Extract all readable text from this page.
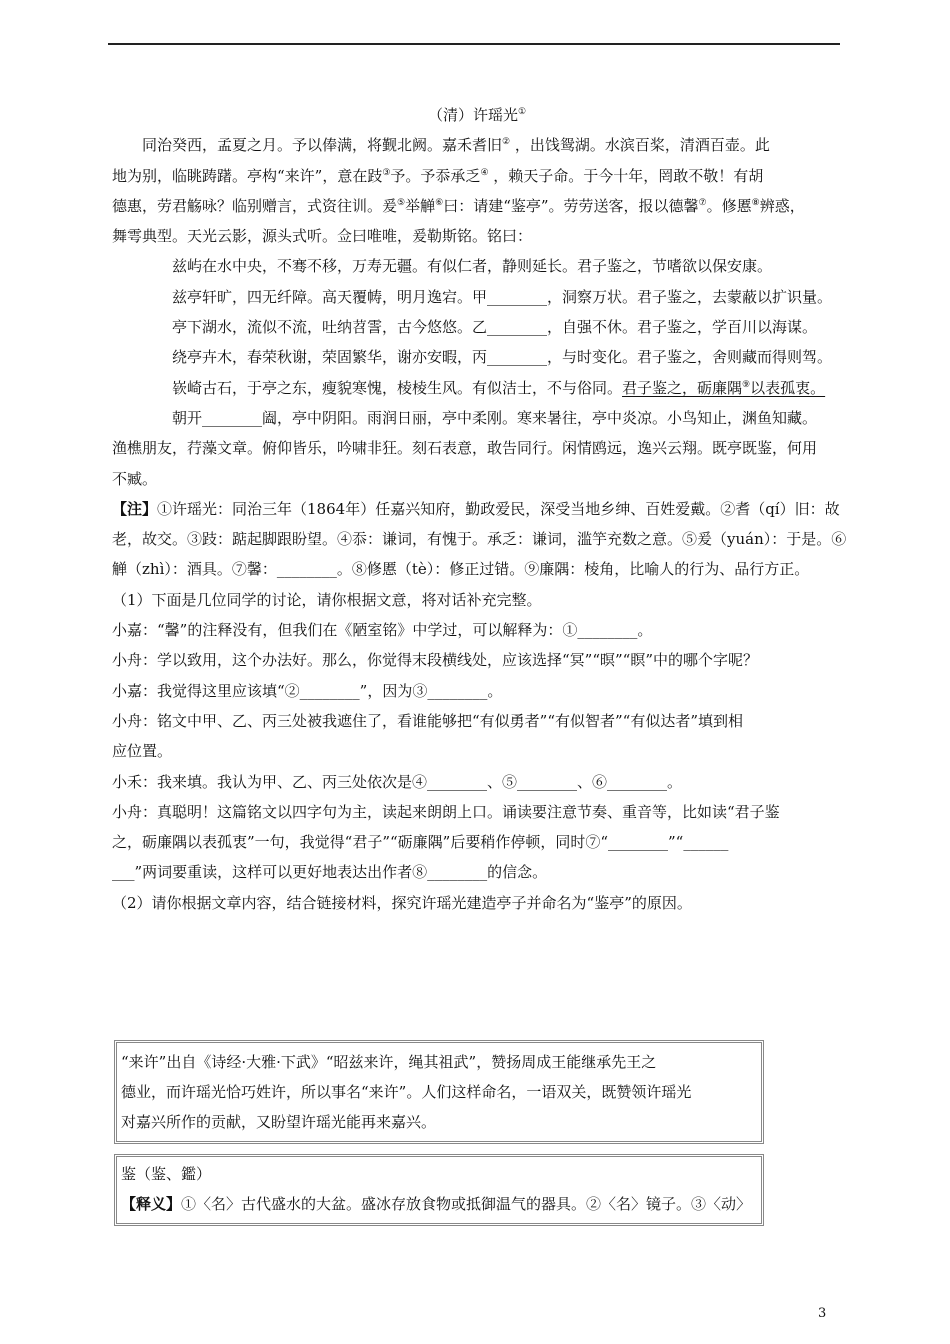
（清）许瑶光①
同治癸西，孟夏之月。予以俸满，将觐北阙。嘉禾耆旧② ，出饯鸳湖。水滨百桨，清酒百壶。此
地为别，临眺踌躇。亭构“来许”，意在跂③予。予忝承乏④ ，赖天子命。于今十年，罔敢不敬！有胡
德惠，劳君觞咏？临别赠言，式资往训。爰⑤举觯⑥曰：请建“鉴亭”。劳劳送客，报以德馨⑦。修慝⑧辨惑，
舞雩典型。天光云影，源头式听。佥曰唯唯，爰勒斯铭。铭曰：
兹屿在水中央，不骞不移，万寿无疆。有似仁者，静则延长。君子鉴之，节嗜欲以保安康。
兹亭轩旷，四无纤障。高天覆帱，明月逸宕。甲________，洞察万状。君子鉴之，去蒙蔽以扩识量。
亭下湖水，流似不流，吐纳苕霅，古今悠悠。乙________，自强不休。君子鉴之，学百川以海谋。
绕亭卉木，春荣秋谢，荣固繁华，谢亦安暇，丙________，与时变化。君子鉴之，舍则藏而得则驾。
嵚崎古石，于亭之东，瘦貌寒愧，棱棱生风。有似洁士，不与俗同。君子鉴之，砺廉隅⑨以表孤衷。
朝开________阖，亭中阴阳。雨润日丽，亭中柔刚。寒来暑往，亭中炎凉。小鸟知止，渊鱼知藏。
渔樵朋友，荇藻文章。俯仰皆乐，吟啸非狂。刻石表意，敢告同行。闲情鸥远，逸兴云翔。既亭既鉴，何用
不臧。
【注】①许瑶光：同治三年（1864年）任嘉兴知府，勤政爱民，深受当地乡绅、百姓爱戴。②耆（qí）旧：故
老，故交。③跂：踮起脚跟盼望。④忝：谦词，有愧于。承乏：谦词，滥竽充数之意。⑤爰（yuán）：于是。⑥
觯（zhì）：酒具。⑦馨：________。⑧修慝（tè）：修正过错。⑨廉隅：棱角，比喻人的行为、品行方正。
（1）下面是几位同学的讨论，请你根据文意，将对话补充完整。
小嘉：“馨”的注释没有，但我们在《陋室铭》中学过，可以解释为：①________。
小舟：学以致用，这个办法好。那么，你觉得末段横线处，应该选择“冥”“暝”“瞑”中的哪个字呢？
小嘉：我觉得这里应该填“②________”，因为③________。
小舟：铭文中甲、乙、丙三处被我遮住了，看谁能够把“有似勇者”“有似智者”“有似达者”填到相
应位置。
小禾：我来填。我认为甲、乙、丙三处依次是④________、⑤________、⑥________。
小舟：真聪明！这篇铭文以四字句为主，读起来朗朗上口。诵读要注意节奏、重音等，比如读“君子鉴
之，砺廉隅以表孤衷”一句，我觉得“君子”“砺廉隅”后要稍作停顿，同时⑦“________”“______
___”两词要重读，这样可以更好地表达出作者⑧________的信念。
（2）请你根据文章内容，结合链接材料，探究许瑶光建造亭子并命名为“鉴亭”的原因。
“来许”出自《诗经·大雅·下武》“昭兹来许，绳其祖武”，赞扬周成王能继承先王之
德业，而许瑶光恰巧姓许，所以事名“来许”。人们这样命名，一语双关，既赞领许瑶光
对嘉兴所作的贡献，又盼望许瑶光能再来嘉兴。
鉴（鉴、鑑）
【释义】①〈名〉古代盛水的大盆。盛冰存放食物或抵御温气的器具。②〈名〉镜子。③〈动〉
3
